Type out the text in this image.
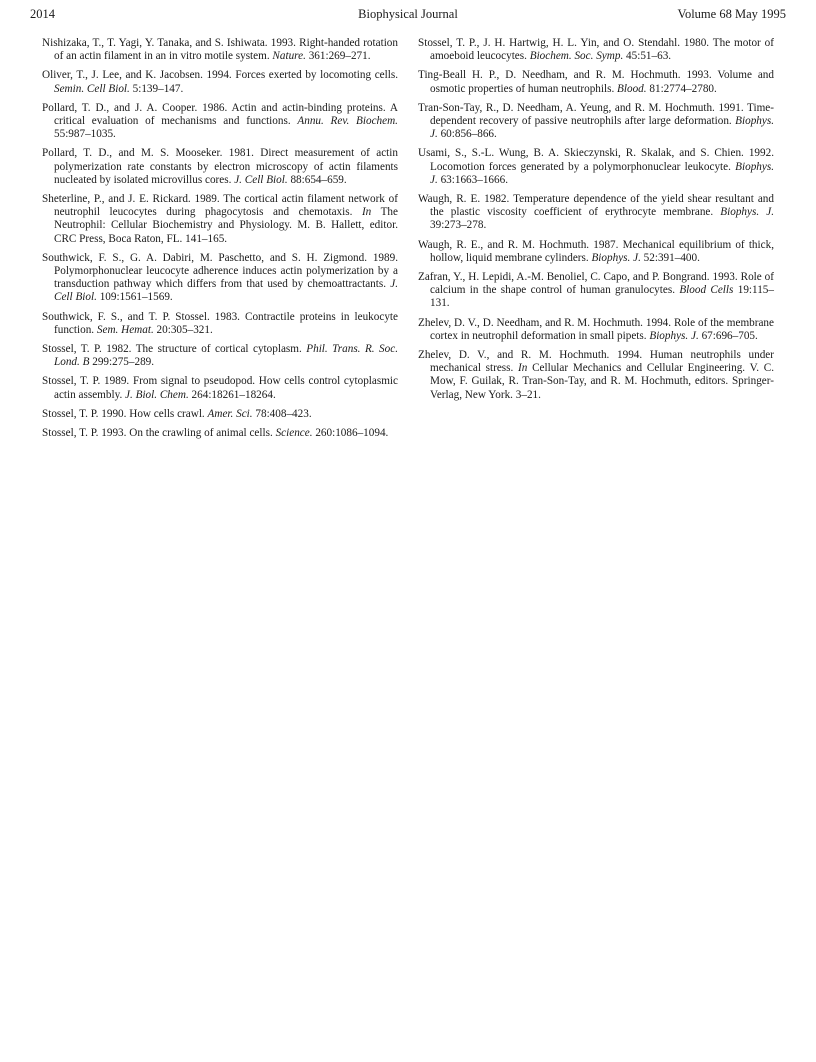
2014	Biophysical Journal	Volume 68 May 1995

Nishizaka, T., T. Yagi, Y. Tanaka, and S. Ishiwata. 1993. Right-handed rotation of an actin filament in an in vitro motile system. Nature. 361:269–271.

Oliver, T., J. Lee, and K. Jacobsen. 1994. Forces exerted by locomoting cells. Semin. Cell Biol. 5:139–147.

Pollard, T. D., and J. A. Cooper. 1986. Actin and actin-binding proteins. A critical evaluation of mechanisms and functions. Annu. Rev. Biochem. 55:987–1035.

Pollard, T. D., and M. S. Mooseker. 1981. Direct measurement of actin polymerization rate constants by electron microscopy of actin filaments nucleated by isolated microvillus cores. J. Cell Biol. 88:654–659.

Sheterline, P., and J. E. Rickard. 1989. The cortical actin filament network of neutrophil leucocytes during phagocytosis and chemotaxis. In The Neutrophil: Cellular Biochemistry and Physiology. M. B. Hallett, editor. CRC Press, Boca Raton, FL. 141–165.

Southwick, F. S., G. A. Dabiri, M. Paschetto, and S. H. Zigmond. 1989. Polymorphonuclear leucocyte adherence induces actin polymerization by a transduction pathway which differs from that used by chemoattractants. J. Cell Biol. 109:1561–1569.

Southwick, F. S., and T. P. Stossel. 1983. Contractile proteins in leukocyte function. Sem. Hemat. 20:305–321.

Stossel, T. P. 1982. The structure of cortical cytoplasm. Phil. Trans. R. Soc. Lond. B 299:275–289.

Stossel, T. P. 1989. From signal to pseudopod. How cells control cytoplasmic actin assembly. J. Biol. Chem. 264:18261–18264.

Stossel, T. P. 1990. How cells crawl. Amer. Sci. 78:408–423.

Stossel, T. P. 1993. On the crawling of animal cells. Science. 260:1086–1094.

Stossel, T. P., J. H. Hartwig, H. L. Yin, and O. Stendahl. 1980. The motor of amoeboid leucocytes. Biochem. Soc. Symp. 45:51–63.

Ting-Beall H. P., D. Needham, and R. M. Hochmuth. 1993. Volume and osmotic properties of human neutrophils. Blood. 81:2774–2780.

Tran-Son-Tay, R., D. Needham, A. Yeung, and R. M. Hochmuth. 1991. Time-dependent recovery of passive neutrophils after large deformation. Biophys. J. 60:856–866.

Usami, S., S.-L. Wung, B. A. Skieczynski, R. Skalak, and S. Chien. 1992. Locomotion forces generated by a polymorphonuclear leukocyte. Biophys. J. 63:1663–1666.

Waugh, R. E. 1982. Temperature dependence of the yield shear resultant and the plastic viscosity coefficient of erythrocyte membrane. Biophys. J. 39:273–278.

Waugh, R. E., and R. M. Hochmuth. 1987. Mechanical equilibrium of thick, hollow, liquid membrane cylinders. Biophys. J. 52:391–400.

Zafran, Y., H. Lepidi, A.-M. Benoliel, C. Capo, and P. Bongrand. 1993. Role of calcium in the shape control of human granulocytes. Blood Cells 19:115–131.

Zhelev, D. V., D. Needham, and R. M. Hochmuth. 1994. Role of the membrane cortex in neutrophil deformation in small pipets. Biophys. J. 67:696–705.

Zhelev, D. V., and R. M. Hochmuth. 1994. Human neutrophils under mechanical stress. In Cellular Mechanics and Cellular Engineering. V. C. Mow, F. Guilak, R. Tran-Son-Tay, and R. M. Hochmuth, editors. Springer-Verlag, New York. 3–21.
